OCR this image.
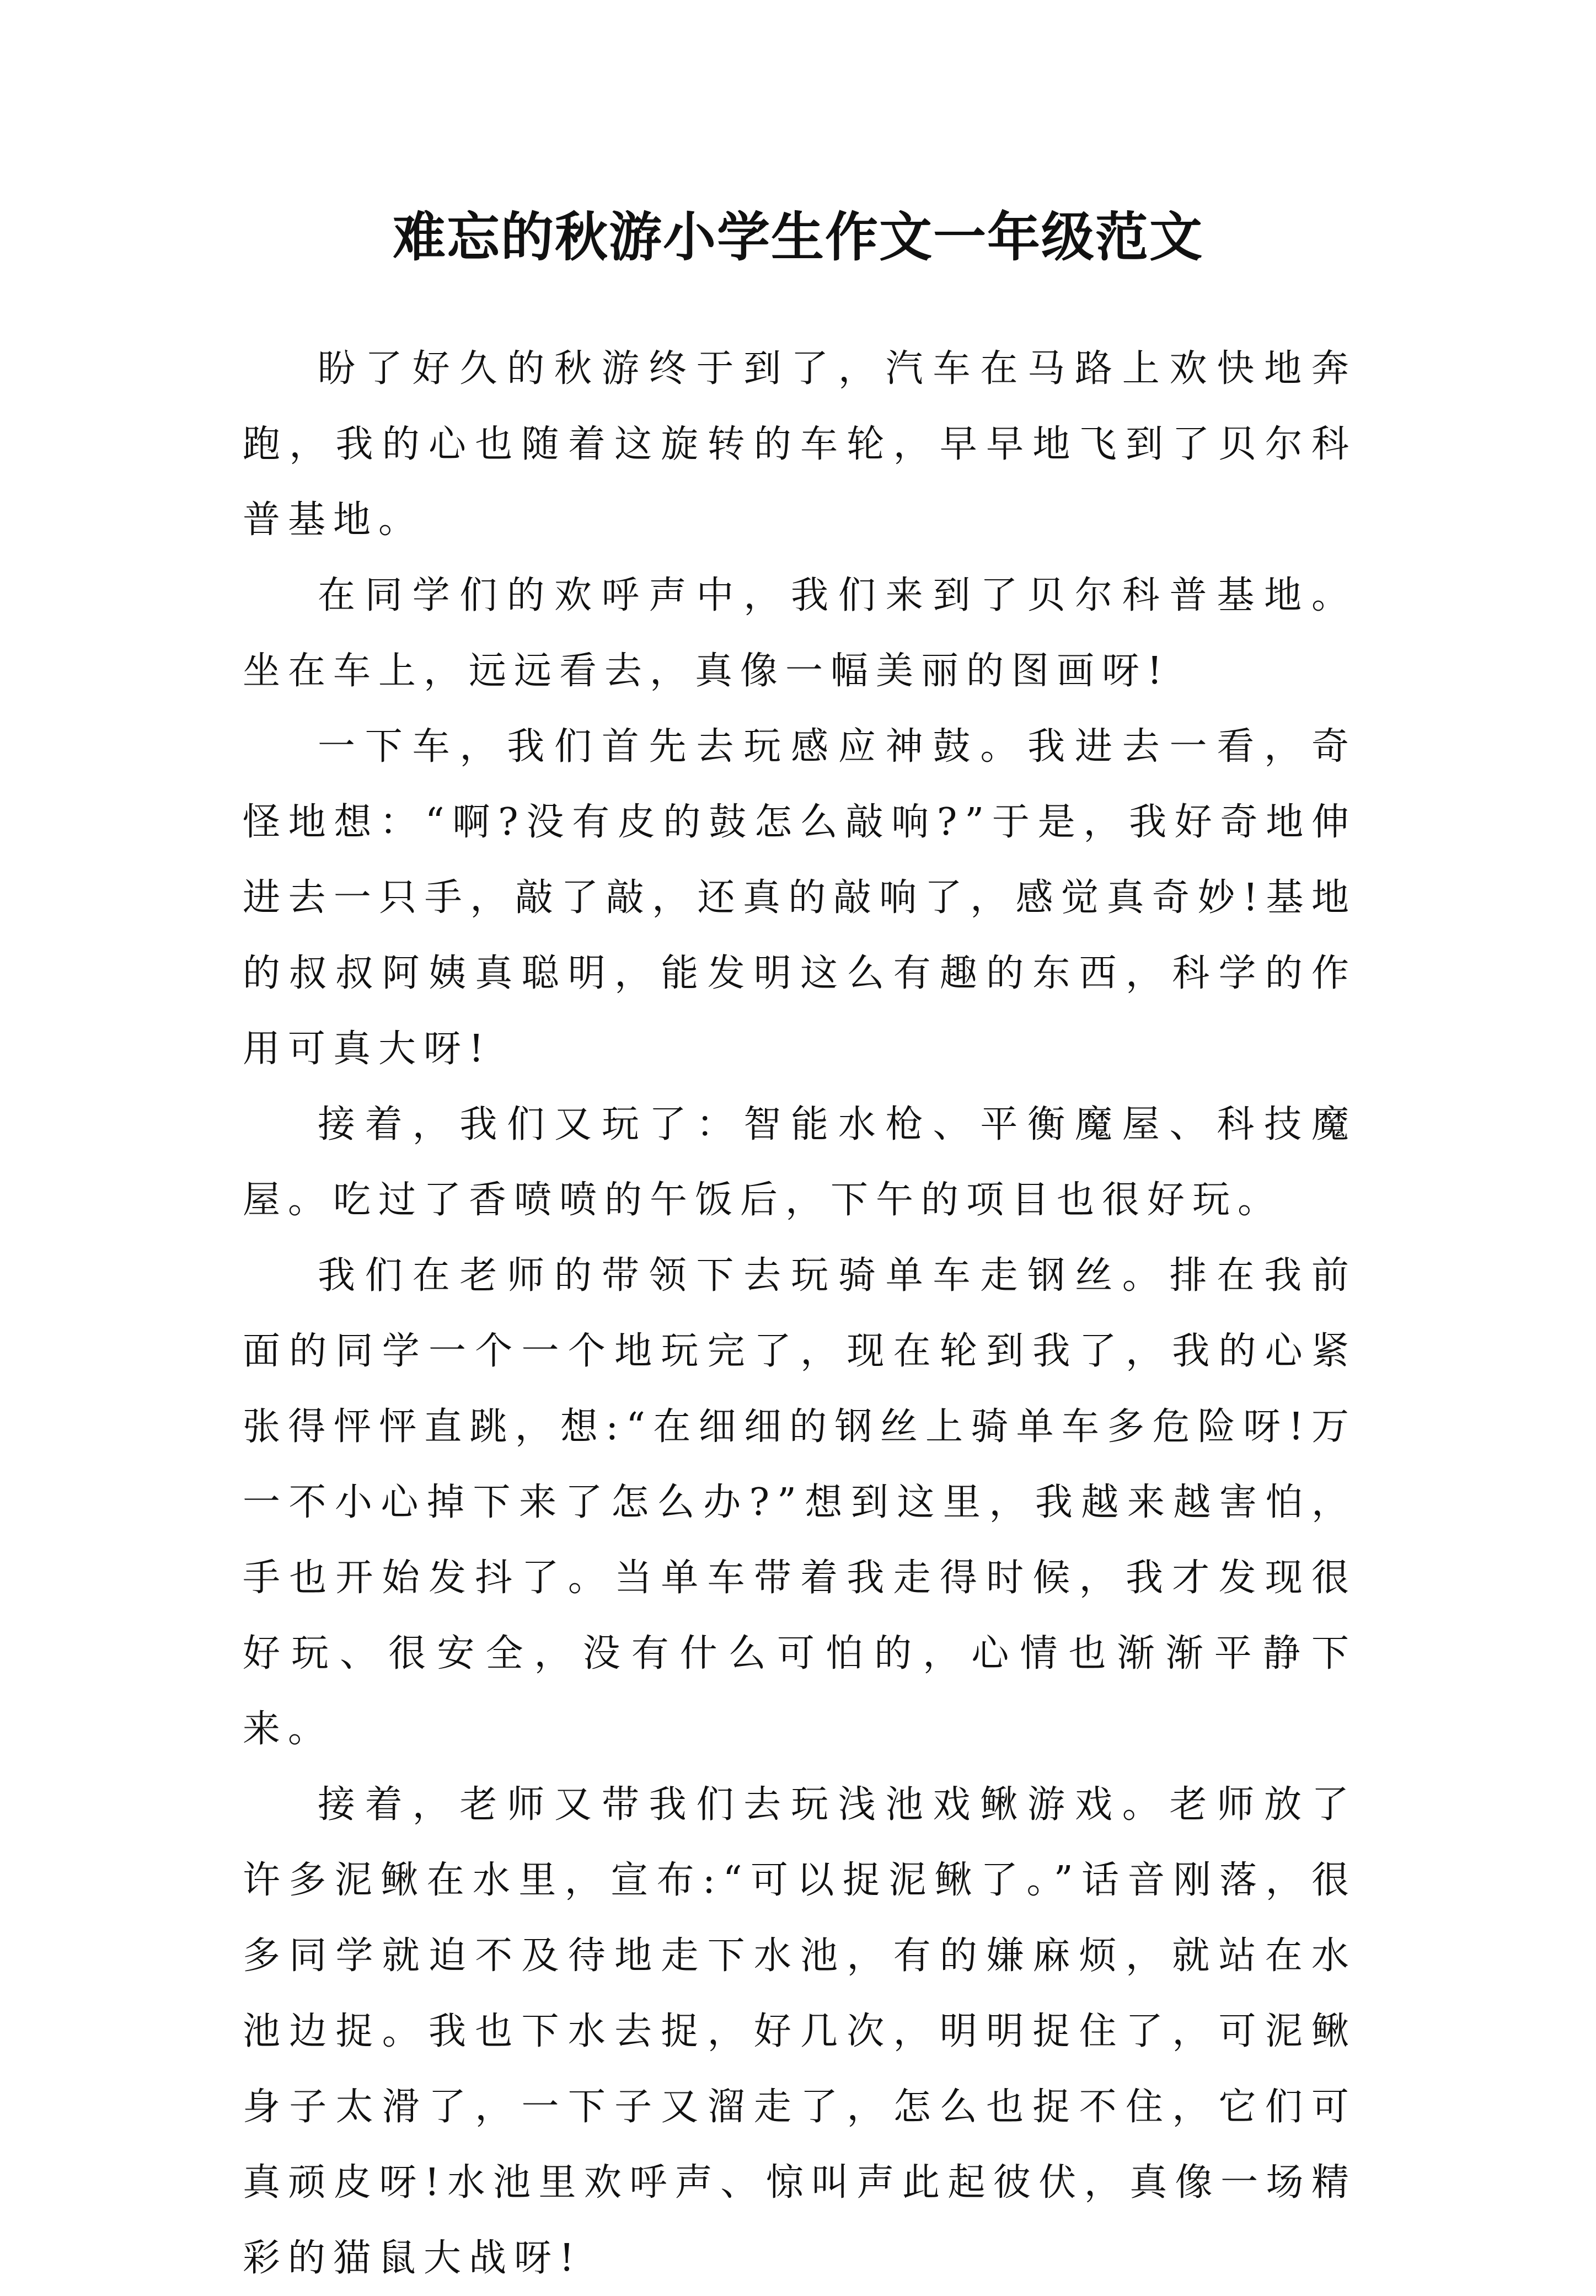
难忘的秋游小学生作文一年级范文

盼了好久的秋游终于到了，汽车在马路上欢快地奔跑，我的心也随着这旋转的车轮，早早地飞到了贝尔科普基地。

在同学们的欢呼声中，我们来到了贝尔科普基地。坐在车上，远远看去，真像一幅美丽的图画呀!

一下车，我们首先去玩感应神鼓。我进去一看，奇怪地想：“啊?没有皮的鼓怎么敲响?”于是，我好奇地伸进去一只手，敲了敲，还真的敲响了，感觉真奇妙!基地的叔叔阿姨真聪明，能发明这么有趣的东西，科学的作用可真大呀!

接着，我们又玩了：智能水枪、平衡魔屋、科技魔屋。吃过了香喷喷的午饭后，下午的项目也很好玩。

我们在老师的带领下去玩骑单车走钢丝。排在我前面的同学一个一个地玩完了，现在轮到我了，我的心紧张得怦怦直跳，想:“在细细的钢丝上骑单车多危险呀!万一不小心掉下来了怎么办?”想到这里，我越来越害怕，手也开始发抖了。当单车带着我走得时候，我才发现很好玩、很安全，没有什么可怕的，心情也渐渐平静下来。

接着，老师又带我们去玩浅池戏鳅游戏。老师放了许多泥鳅在水里，宣布:“可以捉泥鳅了。”话音刚落，很多同学就迫不及待地走下水池，有的嫌麻烦，就站在水池边捉。我也下水去捉，好几次，明明捉住了，可泥鳅身子太滑了，一下子又溜走了，怎么也捉不住，它们可真顽皮呀!水池里欢呼声、惊叫声此起彼伏，真像一场精彩的猫鼠大战呀!
